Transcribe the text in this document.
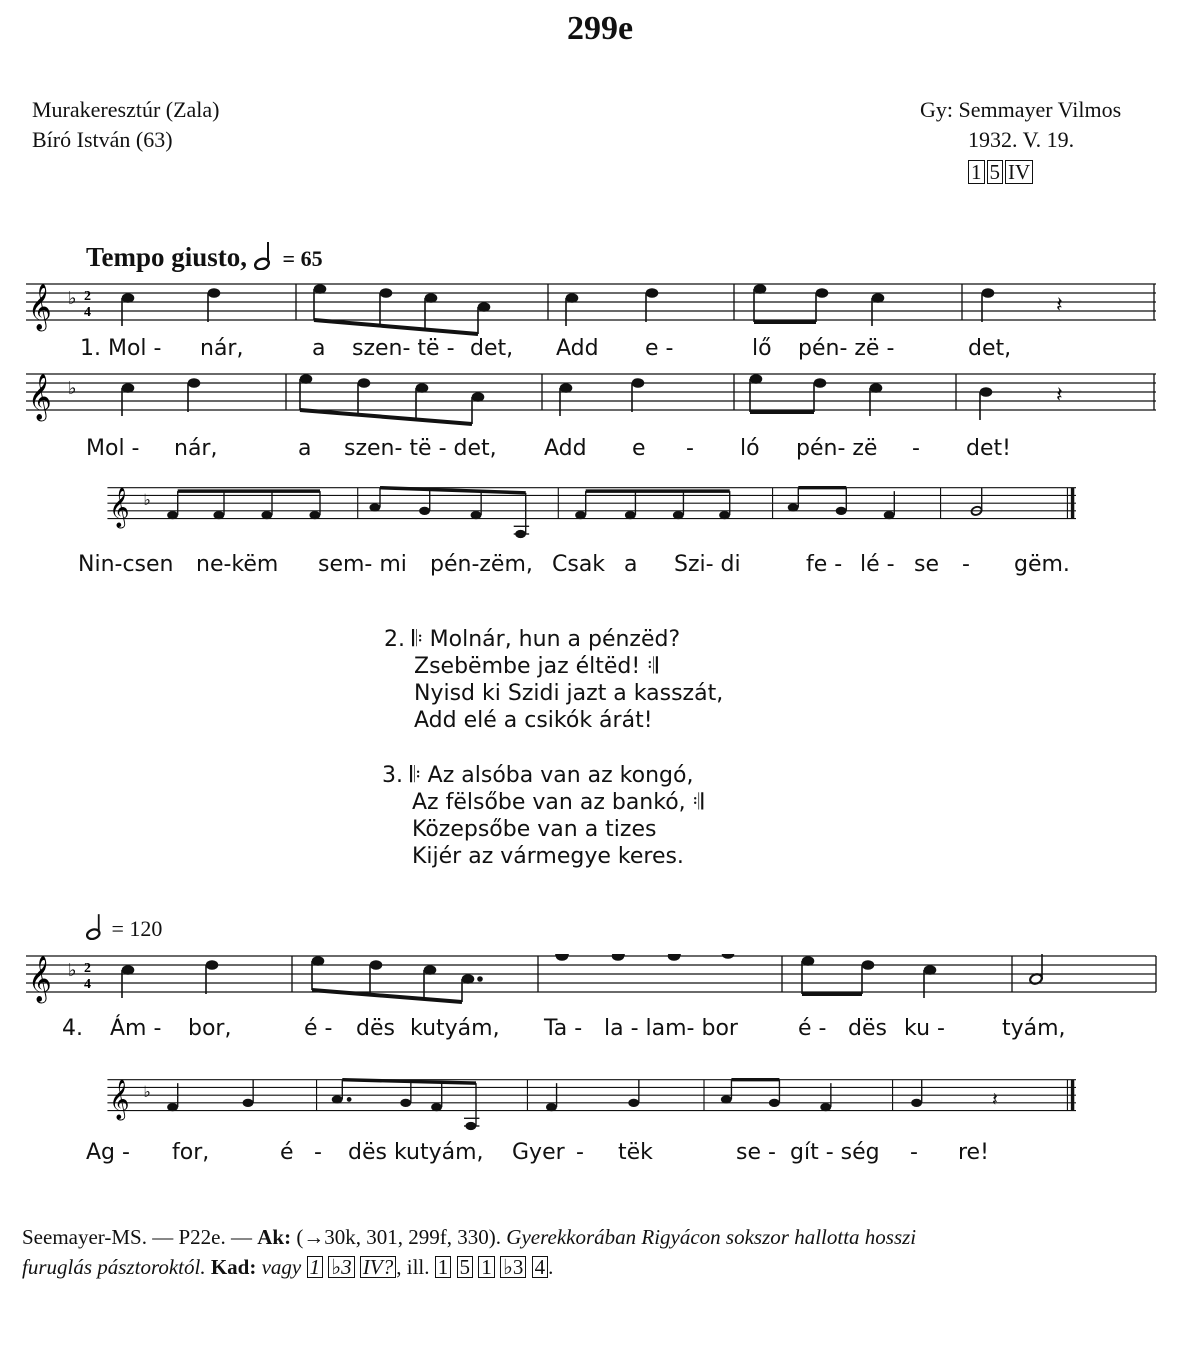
299e
Murakeresztúr (Zala)
Bíró István (63)
Gy: Semmayer Vilmos
1932. V. 19.
1 5 IV
Tempo giusto, = 65
𝄞 ♭ 2
4	𝄽
1. Mol - nár,	a szen- të - det, Add e -	lő pén- zë -	det,
𝄞 ♭	𝄽
Mol - nár,	a szen- të - det, Add e - ló pén- zë - det!
𝄞 ♭
Nin-csen ne-këm sem- mi pén-zëm, Csak a Szi- di	fe - lé - se - gëm.
2. 𝄆 Molnár, hun a pénzëd?
Zsebëmbe jaz éltëd! 𝄇
Nyisd ki Szidi jazt a kasszát,
Add elé a csikók árát!
3. 𝄆 Az alsóba van az kongó,
Az fëlsőbe van az bankó, 𝄇
Közepsőbe van a tizes
Kijér az vármegye keres.
= 120
𝄞 ♭ 2
4
4. Ám - bor,	é - dës kutyám, Ta - la - lam- bor	é - dës ku -	tyám,
𝄞 ♭	𝄽
Ag - for,	é - dës kutyám, Gyer - tëk	se - gít - ség - re!
Seemayer-MS. — P22e. — Ak: (→30k, 301, 299f, 330). Gyerekkorában Rigyácon sokszor hallotta hosszi
furuglás pásztoroktól. Kad: vagy 1 ♭3 IV? , ill. 1 5 1 ♭3 4 .
